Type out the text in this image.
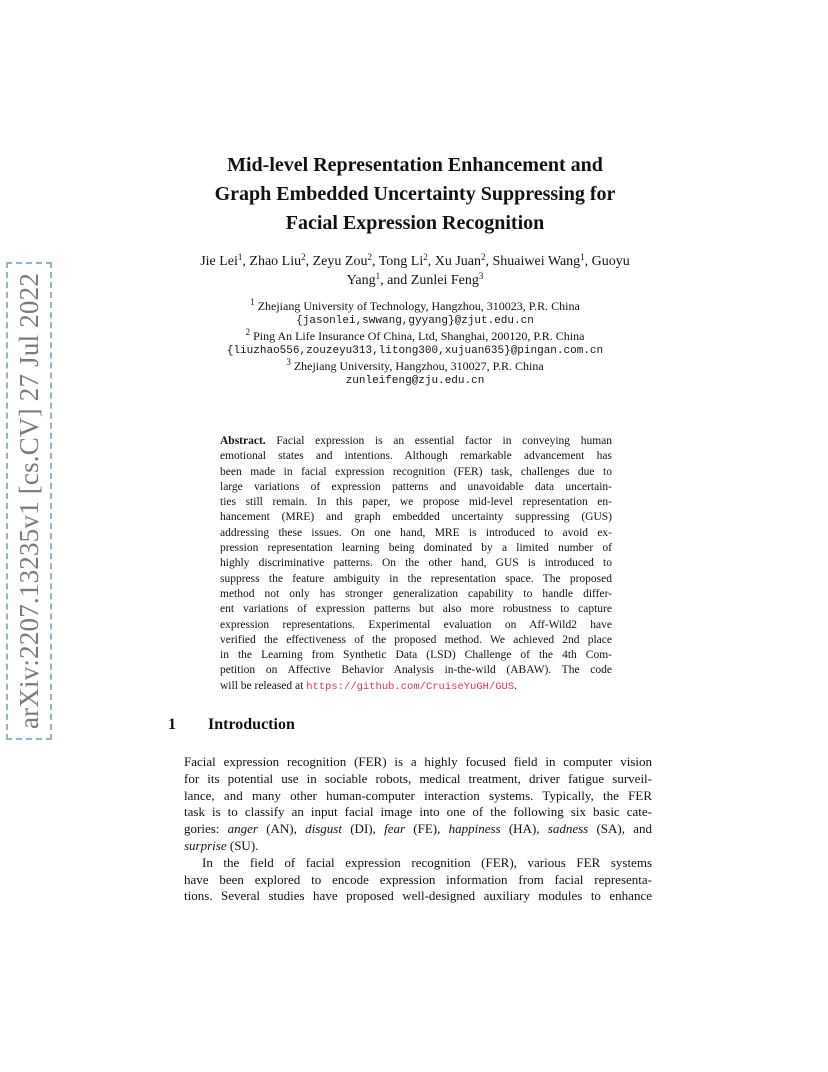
arXiv:2207.13235v1 [cs.CV] 27 Jul 2022
Mid-level Representation Enhancement and
Graph Embedded Uncertainty Suppressing for
Facial Expression Recognition
Jie Lei$^1$, Zhao Liu$^2$, Zeyu Zou$^2$, Tong Li$^2$, Xu Juan$^2$, Shuaiwei Wang$^1$, Guoyu
Yang$^1$, and Zunlei Feng$^3$
$^1$ Zhejiang University of Technology, Hangzhou, 310023, P.R. China
{jasonlei,swwang,gyyang}@zjut.edu.cn
$^2$ Ping An Life Insurance Of China, Ltd, Shanghai, 200120, P.R. China
{liuzhao556,zouzeyu313,litong300,xujuan635}@pingan.com.cn
$^3$ Zhejiang University, Hangzhou, 310027, P.R. China
zunleifeng@zju.edu.cn
Abstract. Facial expression is an essential factor in conveying human
emotional states and intentions. Although remarkable advancement has
been made in facial expression recognition (FER) task, challenges due to
large variations of expression patterns and unavoidable data uncertain-
ties still remain. In this paper, we propose mid-level representation en-
hancement (MRE) and graph embedded uncertainty suppressing (GUS)
addressing these issues. On one hand, MRE is introduced to avoid ex-
pression representation learning being dominated by a limited number of
highly discriminative patterns. On the other hand, GUS is introduced to
suppress the feature ambiguity in the representation space. The proposed
method not only has stronger generalization capability to handle differ-
ent variations of expression patterns but also more robustness to capture
expression representations. Experimental evaluation on Aff-Wild2 have
verified the effectiveness of the proposed method. We achieved 2nd place
in the Learning from Synthetic Data (LSD) Challenge of the 4th Com-
petition on Affective Behavior Analysis in-the-wild (ABAW). The code
will be released at https://github.com/CruiseYuGH/GUS.
1 Introduction
Facial expression recognition (FER) is a highly focused field in computer vision
for its potential use in sociable robots, medical treatment, driver fatigue surveil-
lance, and many other human-computer interaction systems. Typically, the FER
task is to classify an input facial image into one of the following six basic cate-
gories: anger (AN), disgust (DI), fear (FE), happiness (HA), sadness (SA), and
surprise (SU).
In the field of facial expression recognition (FER), various FER systems
have been explored to encode expression information from facial representa-
tions. Several studies have proposed well-designed auxiliary modules to enhance
